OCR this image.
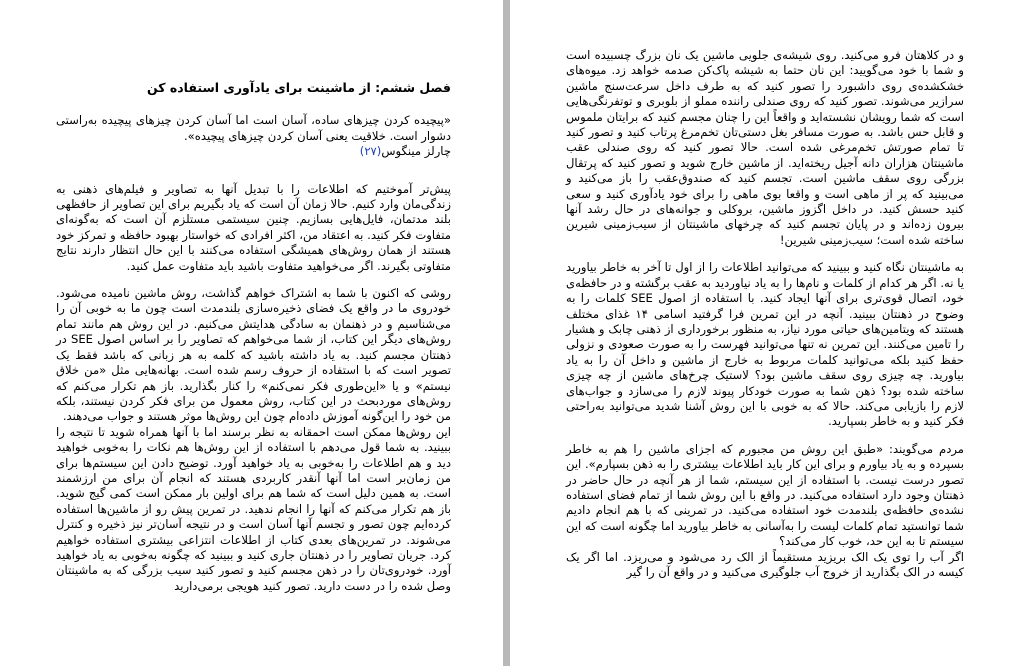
فصل ششم: از ماشینت برای یادآوری استفاده کن

«پیچیده کردن چیزهای ساده، آسان است اما آسان کردن چیزهای پیچیده به‌راستی دشوار است. خلاقیت یعنی آسان کردن چیزهای پیچیده».

چارلز مینگوس(۲۷)

پیش‌تر آموختیم که اطلاعات را با تبدیل آنها به تصاویر و فیلم‌های ذهنی به زندگی‌مان وارد کنیم. حالا زمان آن است که یاد بگیریم برای این تصاویر از حافظهی بلند مدتمان، فایل‌هایی بسازیم. چنین سیستمی مستلزم آن است که به‌گونه‌ای متفاوت فکر کنید. به اعتقاد من، اکثر افرادی که خواستار بهبود حافظه و تمرکز خود هستند از همان روش‌های همیشگی استفاده می‌کنند با این حال انتظار دارند نتایج متفاوتی بگیرند. اگر می‌خواهید متفاوت باشید باید متفاوت عمل کنید.

روشی که اکنون با شما به اشتراک خواهم گذاشت، روش ماشین نامیده می‌شود. خودروی ما در واقع یک فضای ذخیره‌سازی بلندمدت است چون ما به خوبی آن را می‌شناسیم و در ذهنمان به سادگی هدایتش می‌کنیم. در این روش هم مانند تمام روش‌های دیگر این کتاب، از شما می‌خواهم که تصاویر را بر اساس اصول SEE در ذهنتان مجسم کنید. به یاد داشته باشید که کلمه به هر زبانی که باشد فقط یک تصویر است که با استفاده از حروف رسم شده است. بهانه‌هایی مثل «من خلاق نیستم» و یا «این‌طوری فکر نمی‌کنم» را کنار بگذارید. باز هم تکرار می‌کنم که روش‌های موردبحث در این کتاب، روش معمول من برای فکر کردن نیستند، بلکه من خود را این‌گونه آموزش داده‌ام چون این روش‌ها موثر هستند و جواب می‌دهند.

این روش‌ها ممکن است احمقانه به نظر برسند اما با آنها همراه شوید تا نتیجه را ببینید. به شما قول می‌دهم با استفاده از این روش‌ها هم نکات را به‌خوبی خواهید دید و هم اطلاعات را به‌خوبی به یاد خواهید آورد. توضیح دادن این سیستم‌ها برای من زمان‌بر است اما آنها آنقدر کاربردی هستند که انجام آن برای من ارزشمند است. به همین دلیل است که شما هم برای اولین بار ممکن است کمی گیج شوید. باز هم تکرار می‌کنم که آنها را انجام ندهید. در تمرین پیش رو از ماشین‌ها استفاده کرده‌ایم چون تصور و تجسم آنها آسان است و در نتیجه آسان‌تر نیز ذخیره و کنترل می‌شوند. در تمرین‌های بعدی کتاب از اطلاعات انتزاعی بیشتری استفاده خواهیم کرد. جریان تصاویر را در ذهنتان جاری کنید و ببینید که چگونه به‌خوبی به یاد خواهید آورد. خودروی‌تان را در ذهن مجسم کنید و تصور کنید سیب بزرگی که به ماشینتان وصل شده را در دست دارید. تصور کنید هویجی برمی‌دارید

و در کلاهتان فرو می‌کنید. روی شیشه‌ی جلویی ماشین یک نان بزرگ چسبیده است و شما با خود می‌گویید: این نان حتما به شیشه پاک‌کن صدمه خواهد زد. میوه‌های خشکشده‌ی روی داشبورد را تصور کنید که به طرف داخل سرعت‌سنج ماشین سرازیر می‌شوند. تصور کنید که روی صندلی راننده مملو از بلوبری و توتفرنگی‌هایی است که شما رویشان نشسته‌اید و واقعاً این را چنان مجسم کنید که برایتان ملموس و قابل حس باشد. به صورت مسافر بغل دستی‌تان تخم‌مرغ پرتاب کنید و تصور کنید تا تمام صورتش تخم‌مرغی شده است. حالا تصور کنید که روی صندلی عقب ماشینتان هزاران دانه آجیل ریخته‌اید. از ماشین خارج شوید و تصور کنید که پرتقال بزرگی روی سقف ماشین است. تجسم کنید که صندوق‌عقب را باز می‌کنید و می‌بینید که پر از ماهی است و واقعا بوی ماهی را برای خود یادآوری کنید و سعی کنید حسش کنید. در داخل اگزوز ماشین، بروکلی و جوانه‌های در حال رشد آنها بیرون زده‌اند و در پایان تجسم کنید که چرخهای ماشینتان از سیب‌زمینی شیرین ساخته شده است؛ سیب‌زمینی شیرین!

به ماشینتان نگاه کنید و ببینید که می‌توانید اطلاعات را از اول تا آخر به خاطر بیاورید یا نه. اگر هر کدام از کلمات و نام‌ها را به یاد نیاوردید به عقب برگشته و در حافظه‌ی خود، اتصال قوی‌تری برای آنها ایجاد کنید. با استفاده از اصول SEE کلمات را به وضوح در ذهنتان ببینید. آنچه در این تمرین فرا گرفتید اسامی ۱۴ غذای مختلف هستند که ویتامین‌های حیاتی مورد نیاز، به منظور برخورداری از ذهنی چابک و هشیار را تامین می‌کنند. این تمرین نه تنها می‌توانید فهرست را به صورت صعودی و نزولی حفظ کنید بلکه می‌توانید کلمات مربوط به خارج از ماشین و داخل آن را به یاد بیاورید. چه چیزی روی سقف ماشین بود؟ لاستیک چرخ‌های ماشین از چه چیزی ساخته شده بود؟ ذهن شما به صورت خودکار پیوند لازم را می‌سازد و جواب‌های لازم را بازیابی می‌کند. حالا که به خوبی با این روش آشنا شدید می‌توانید به‌راحتی فکر کنید و به خاطر بسپارید.

مردم می‌گویند: «طبق این روش من مجبورم که اجزای ماشین را هم به خاطر بسپرده و به یاد بیاورم و برای این کار باید اطلاعات بیشتری را به ذهن بسپارم». این تصور درست نیست. با استفاده از این سیستم، شما از هر آنچه در حال حاضر در ذهنتان وجود دارد استفاده می‌کنید. در واقع با این روش شما از تمام فضای استفاده نشده‌ی حافظه‌ی بلندمدت خود استفاده می‌کنید. در تمرینی که با هم انجام دادیم شما توانستید تمام کلمات لیست را به‌آسانی به خاطر بیاورید اما چگونه است که این سیستم تا به این حد، خوب کار می‌کند؟

اگر آب را توی یک الک بریزید مستقیماً از الک رد می‌شود و می‌ریزد. اما اگر یک کیسه در الک بگذارید از خروج آب جلوگیری می‌کنید و در واقع آن را گیر
